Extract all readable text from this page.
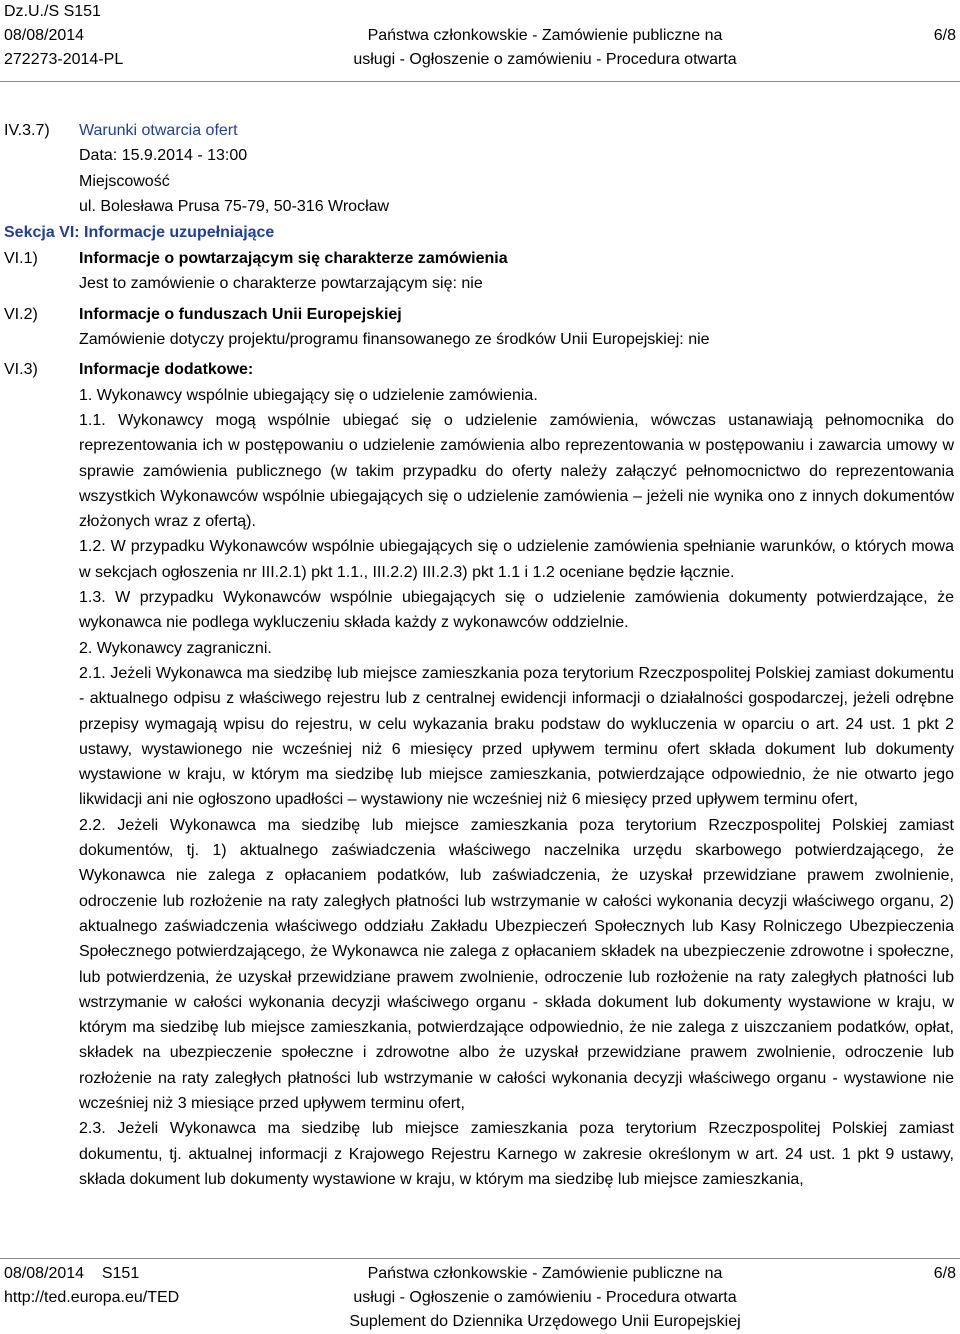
Dz.U./S S151
08/08/2014
272273-2014-PL
Państwa członkowskie - Zamówienie publiczne na
usługi - Ogłoszenie o zamówieniu - Procedura otwarta
6/8
IV.3.7) Warunki otwarcia ofert
Data: 15.9.2014 - 13:00
Miejscowość
ul. Bolesława Prusa 75-79, 50-316 Wrocław
Sekcja VI: Informacje uzupełniające
VI.1)	Informacje o powtarzającym się charakterze zamówienia
Jest to zamówienie o charakterze powtarzającym się: nie
VI.2)	Informacje o funduszach Unii Europejskiej
Zamówienie dotyczy projektu/programu finansowanego ze środków Unii Europejskiej: nie
VI.3)	Informacje dodatkowe:
1. Wykonawcy wspólnie ubiegający się o udzielenie zamówienia.
1.1. Wykonawcy mogą wspólnie ubiegać się o udzielenie zamówienia, wówczas ustanawiają pełnomocnika do reprezentowania ich w postępowaniu o udzielenie zamówienia albo reprezentowania w postępowaniu i zawarcia umowy w sprawie zamówienia publicznego (w takim przypadku do oferty należy załączyć pełnomocnictwo do reprezentowania wszystkich Wykonawców wspólnie ubiegających się o udzielenie zamówienia – jeżeli nie wynika ono z innych dokumentów złożonych wraz z ofertą).
1.2. W przypadku Wykonawców wspólnie ubiegających się o udzielenie zamówienia spełnianie warunków, o których mowa w sekcjach ogłoszenia nr III.2.1) pkt 1.1., III.2.2) III.2.3) pkt 1.1 i 1.2 oceniane będzie łącznie.
1.3. W przypadku Wykonawców wspólnie ubiegających się o udzielenie zamówienia dokumenty potwierdzające, że wykonawca nie podlega wykluczeniu składa każdy z wykonawców oddzielnie.
2. Wykonawcy zagraniczni.
2.1. Jeżeli Wykonawca ma siedzibę lub miejsce zamieszkania poza terytorium Rzeczpospolitej Polskiej zamiast dokumentu - aktualnego odpisu z właściwego rejestru lub z centralnej ewidencji informacji o działalności gospodarczej, jeżeli odrębne przepisy wymagają wpisu do rejestru, w celu wykazania braku podstaw do wykluczenia w oparciu o art. 24 ust. 1 pkt 2 ustawy, wystawionego nie wcześniej niż 6 miesięcy przed upływem terminu ofert składa dokument lub dokumenty wystawione w kraju, w którym ma siedzibę lub miejsce zamieszkania, potwierdzające odpowiednio, że nie otwarto jego likwidacji ani nie ogłoszono upadłości – wystawiony nie wcześniej niż 6 miesięcy przed upływem terminu ofert,
2.2. Jeżeli Wykonawca ma siedzibę lub miejsce zamieszkania poza terytorium Rzeczpospolitej Polskiej zamiast dokumentów, tj. 1) aktualnego zaświadczenia właściwego naczelnika urzędu skarbowego potwierdzającego, że Wykonawca nie zalega z opłacaniem podatków, lub zaświadczenia, że uzyskał przewidziane prawem zwolnienie, odroczenie lub rozłożenie na raty zaległych płatności lub wstrzymanie w całości wykonania decyzji właściwego organu, 2) aktualnego zaświadczenia właściwego oddziału Zakładu Ubezpieczeń Społecznych lub Kasy Rolniczego Ubezpieczenia Społecznego potwierdzającego, że Wykonawca nie zalega z opłacaniem składek na ubezpieczenie zdrowotne i społeczne, lub potwierdzenia, że uzyskał przewidziane prawem zwolnienie, odroczenie lub rozłożenie na raty zaległych płatności lub wstrzymanie w całości wykonania decyzji właściwego organu - składa dokument lub dokumenty wystawione w kraju, w którym ma siedzibę lub miejsce zamieszkania, potwierdzające odpowiednio, że nie zalega z uiszczaniem podatków, opłat, składek na ubezpieczenie społeczne i zdrowotne albo że uzyskał przewidziane prawem zwolnienie, odroczenie lub rozłożenie na raty zaległych płatności lub wstrzymanie w całości wykonania decyzji właściwego organu - wystawione nie wcześniej niż 3 miesiące przed upływem terminu ofert,
2.3. Jeżeli Wykonawca ma siedzibę lub miejsce zamieszkania poza terytorium Rzeczpospolitej Polskiej zamiast dokumentu, tj. aktualnej informacji z Krajowego Rejestru Karnego w zakresie określonym w art. 24 ust. 1 pkt 9 ustawy, składa dokument lub dokumenty wystawione w kraju, w którym ma siedzibę lub miejsce zamieszkania,
08/08/2014 S151
http://ted.europa.eu/TED
Państwa członkowskie - Zamówienie publiczne na
usługi - Ogłoszenie o zamówieniu - Procedura otwarta
Suplement do Dziennika Urzędowego Unii Europejskiej
6/8
